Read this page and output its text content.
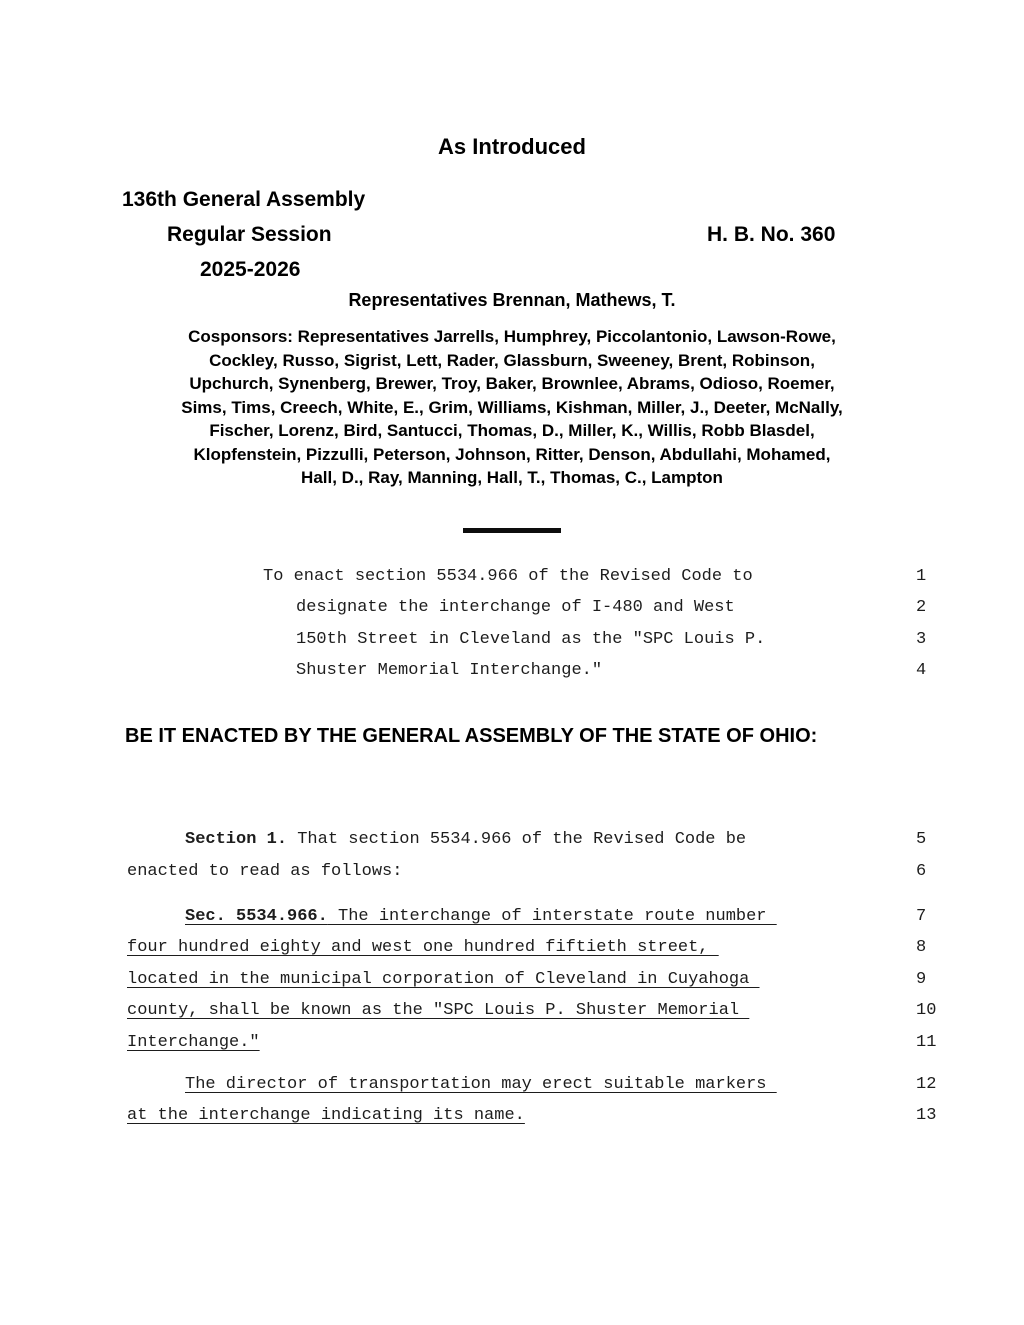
As Introduced
136th General Assembly
Regular Session	H. B. No. 360
2025-2026
Representatives Brennan, Mathews, T.
Cosponsors: Representatives Jarrells, Humphrey, Piccolantonio, Lawson-Rowe,
Cockley, Russo, Sigrist, Lett, Rader, Glassburn, Sweeney, Brent, Robinson,
Upchurch, Synenberg, Brewer, Troy, Baker, Brownlee, Abrams, Odioso, Roemer,
Sims, Tims, Creech, White, E., Grim, Williams, Kishman, Miller, J., Deeter, McNally,
Fischer, Lorenz, Bird, Santucci, Thomas, D., Miller, K., Willis, Robb Blasdel,
Klopfenstein, Pizzulli, Peterson, Johnson, Ritter, Denson, Abdullahi, Mohamed,
Hall, D., Ray, Manning, Hall, T., Thomas, C., Lampton
To enact section 5534.966 of the Revised Code to	1
designate the interchange of I-480 and West	2
150th Street in Cleveland as the "SPC Louis P.	3
Shuster Memorial Interchange."	4
BE IT ENACTED BY THE GENERAL ASSEMBLY OF THE STATE OF OHIO:
Section 1. That section 5534.966 of the Revised Code be	5
enacted to read as follows:	6
Sec. 5534.966. The interchange of interstate route number	7
four hundred eighty and west one hundred fiftieth street,	8
located in the municipal corporation of Cleveland in Cuyahoga	9
county, shall be known as the "SPC Louis P. Shuster Memorial	10
Interchange."	11
The director of transportation may erect suitable markers	12
at the interchange indicating its name.	13
